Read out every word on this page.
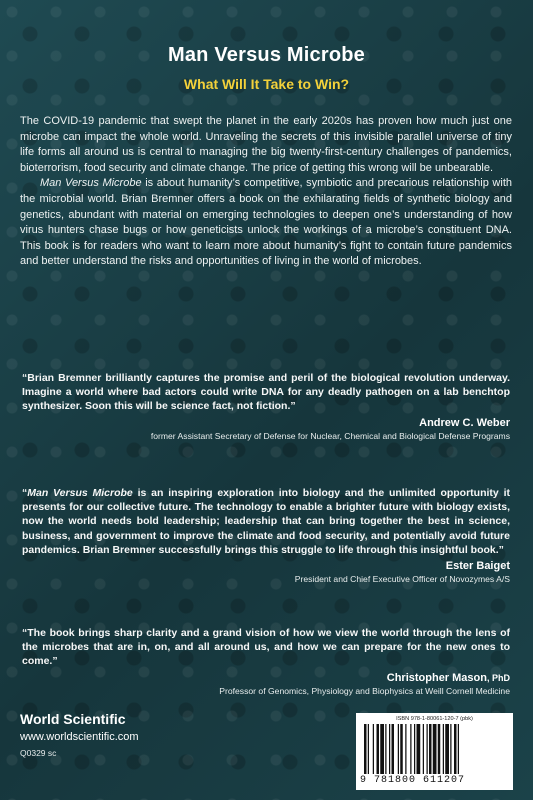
Man Versus Microbe
What Will It Take to Win?

The COVID-19 pandemic that swept the planet in the early 2020s has proven how much just one microbe can impact the whole world. Unraveling the secrets of this invisible parallel universe of tiny life forms all around us is central to managing the big twenty-first-century challenges of pandemics, bioterrorism, food security and climate change. The price of getting this wrong will be unbearable.

Man Versus Microbe is about humanity’s competitive, symbiotic and precarious relationship with the microbial world. Brian Bremner offers a book on the exhilarating fields of synthetic biology and genetics, abundant with material on emerging technologies to deepen one’s understanding of how virus hunters chase bugs or how geneticists unlock the workings of a microbe’s constituent DNA. This book is for readers who want to learn more about humanity’s fight to contain future pandemics and better understand the risks and opportunities of living in the world of microbes.

“Brian Bremner brilliantly captures the promise and peril of the biological revolution underway. Imagine a world where bad actors could write DNA for any deadly pathogen on a lab benchtop synthesizer. Soon this will be science fact, not fiction.”

Andrew C. Weber

former Assistant Secretary of Defense for Nuclear, Chemical and Biological Defense Programs

“Man Versus Microbe is an inspiring exploration into biology and the unlimited opportunity it presents for our collective future. The technology to enable a brighter future with biology exists, now the world needs bold leadership; leadership that can bring together the best in science, business, and government to improve the climate and food security, and potentially avoid future pandemics. Brian Bremner successfully brings this struggle to life through this insightful book.”

Ester Baiget

President and Chief Executive Officer of Novozymes A/S

“The book brings sharp clarity and a grand vision of how we view the world through the lens of the microbes that are in, on, and all around us, and how we can prepare for the new ones to come.”

Christopher Mason, PhD

Professor of Genomics, Physiology and Biophysics at Weill Cornell Medicine

World Scientific

www.worldscientific.com

Q0329 sc

ISBN 978-1-80061-120-7 (pbk)
9 781800 611207
